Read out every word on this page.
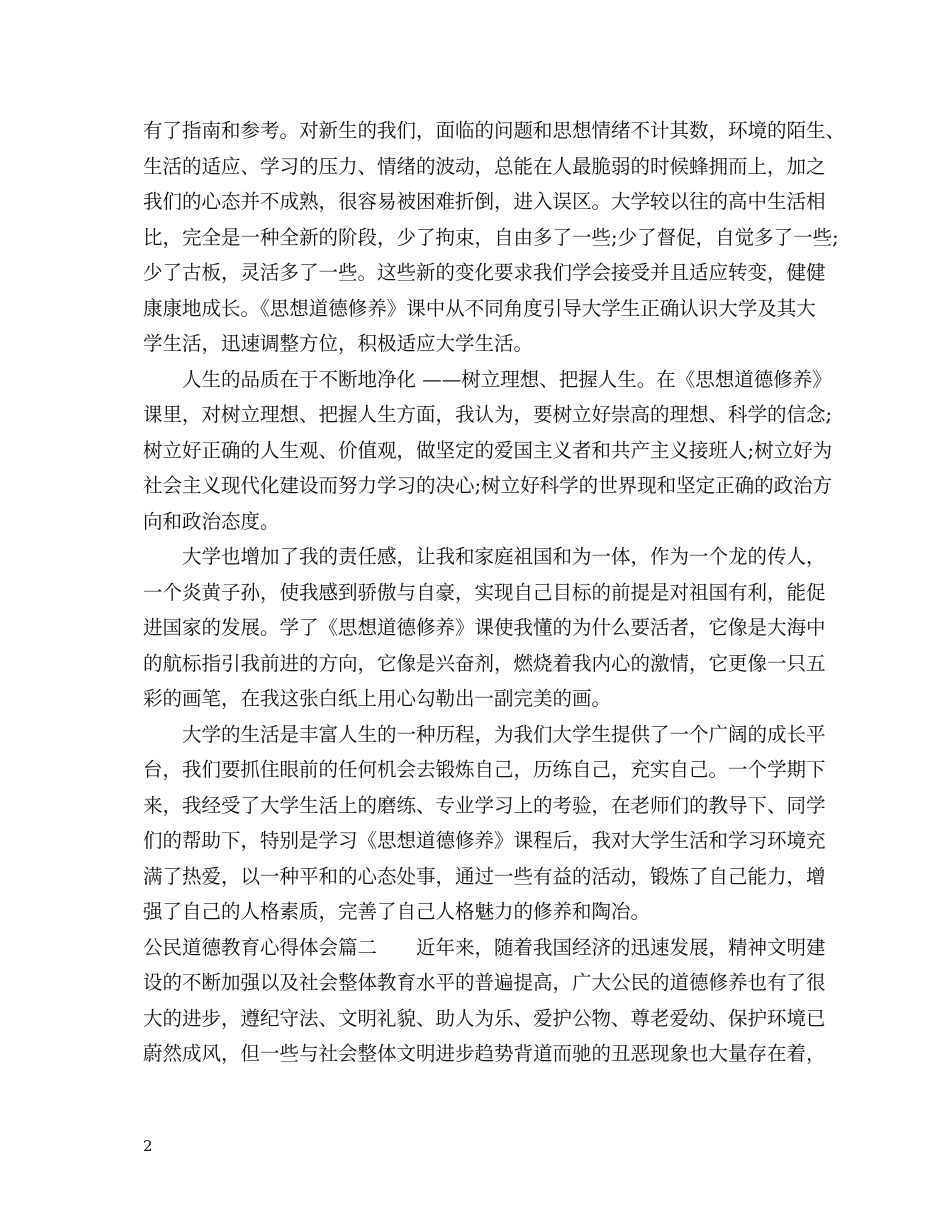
有了指南和参考。对新生的我们，面临的问题和思想情绪不计其数，环境的陌生、
生活的适应、学习的压力、情绪的波动，总能在人最脆弱的时候蜂拥而上，加之
我们的心态并不成熟，很容易被困难折倒，进入误区。大学较以往的高中生活相
比，完全是一种全新的阶段，少了拘束，自由多了一些;少了督促，自觉多了一些;
少了古板，灵活多了一些。这些新的变化要求我们学会接受并且适应转变，健健
康康地成长。《思想道德修养》课中从不同角度引导大学生正确认识大学及其大
学生活，迅速调整方位，积极适应大学生活。
人生的品质在于不断地净化 ——树立理想、把握人生。在《思想道德修养》
课里，对树立理想、把握人生方面，我认为，要树立好崇高的理想、科学的信念;
树立好正确的人生观、价值观，做坚定的爱国主义者和共产主义接班人;树立好为
社会主义现代化建设而努力学习的决心;树立好科学的世界现和坚定正确的政治方
向和政治态度。
大学也增加了我的责任感，让我和家庭祖国和为一体，作为一个龙的传人，
一个炎黄子孙，使我感到骄傲与自豪，实现自己目标的前提是对祖国有利，能促
进国家的发展。学了《思想道德修养》课使我懂的为什么要活者，它像是大海中
的航标指引我前进的方向，它像是兴奋剂，燃烧着我内心的激情，它更像一只五
彩的画笔，在我这张白纸上用心勾勒出一副完美的画。
大学的生活是丰富人生的一种历程，为我们大学生提供了一个广阔的成长平
台，我们要抓住眼前的任何机会去锻炼自己，历练自己，充实自己。一个学期下
来，我经受了大学生活上的磨练、专业学习上的考验，在老师们的教导下、同学
们的帮助下，特别是学习《思想道德修养》课程后，我对大学生活和学习环境充
满了热爱，以一种平和的心态处事，通过一些有益的活动，锻炼了自己能力，增
强了自己的人格素质，完善了自己人格魅力的修养和陶冶。
公民道德教育心得体会篇二　　近年来，随着我国经济的迅速发展，精神文明建
设的不断加强以及社会整体教育水平的普遍提高，广大公民的道德修养也有了很
大的进步，遵纪守法、文明礼貌、助人为乐、爱护公物、尊老爱幼、保护环境已
蔚然成风，但一些与社会整体文明进步趋势背道而驰的丑恶现象也大量存在着，
2
